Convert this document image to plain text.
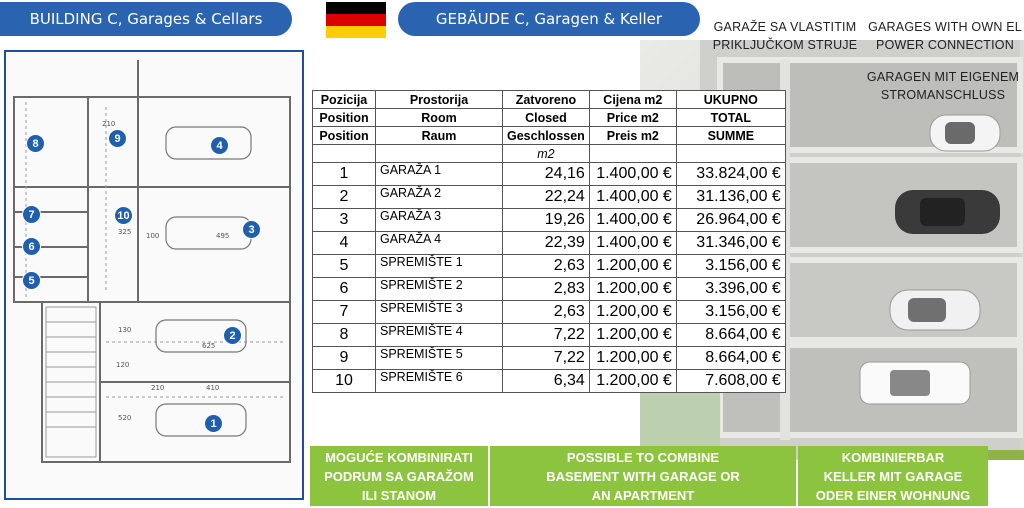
BUILDING C, Garages & Cellars	GEBÄUDE C, Garagen & Keller	GARAŽE SA VLASTITIM
PRIKLJUČKOM STRUJE
GARAGES WITH OWN EL
POWER CONNECTION
GARAGEN MIT EIGENEM
STROMANSCHLUSS
210
210	410
495
625
100
120
520
325
130
1
2
3
4
5
6
7
8	9
10
Pozicija	Prostorija	Zatvoreno	Cijena m2	UKUPNO
Position	Room	Closed	Price m2	TOTAL
Position	Raum	Geschlossen	Preis m2	SUMME
		m2		
1	GARAŽA 1	24,16	1.400,00 €	33.824,00 €
2	GARAŽA 2	22,24	1.400,00 €	31.136,00 €
3	GARAŽA 3	19,26	1.400,00 €	26.964,00 €
4	GARAŽA 4	22,39	1.400,00 €	31.346,00 €
5	SPREMIŠTE 1	2,63	1.200,00 €	3.156,00 €
6	SPREMIŠTE 2	2,83	1.200,00 €	3.396,00 €
7	SPREMIŠTE 3	2,63	1.200,00 €	3.156,00 €
8	SPREMIŠTE 4	7,22	1.200,00 €	8.664,00 €
9	SPREMIŠTE 5	7,22	1.200,00 €	8.664,00 €
10	SPREMIŠTE 6	6,34	1.200,00 €	7.608,00 €
MOGUĆE KOMBINIRATI
PODRUM SA GARAŽOM
ILI STANOM
POSSIBLE TO COMBINE
BASEMENT WITH GARAGE OR
AN APARTMENT
KOMBINIERBAR
KELLER MIT GARAGE
ODER EINER WOHNUNG
